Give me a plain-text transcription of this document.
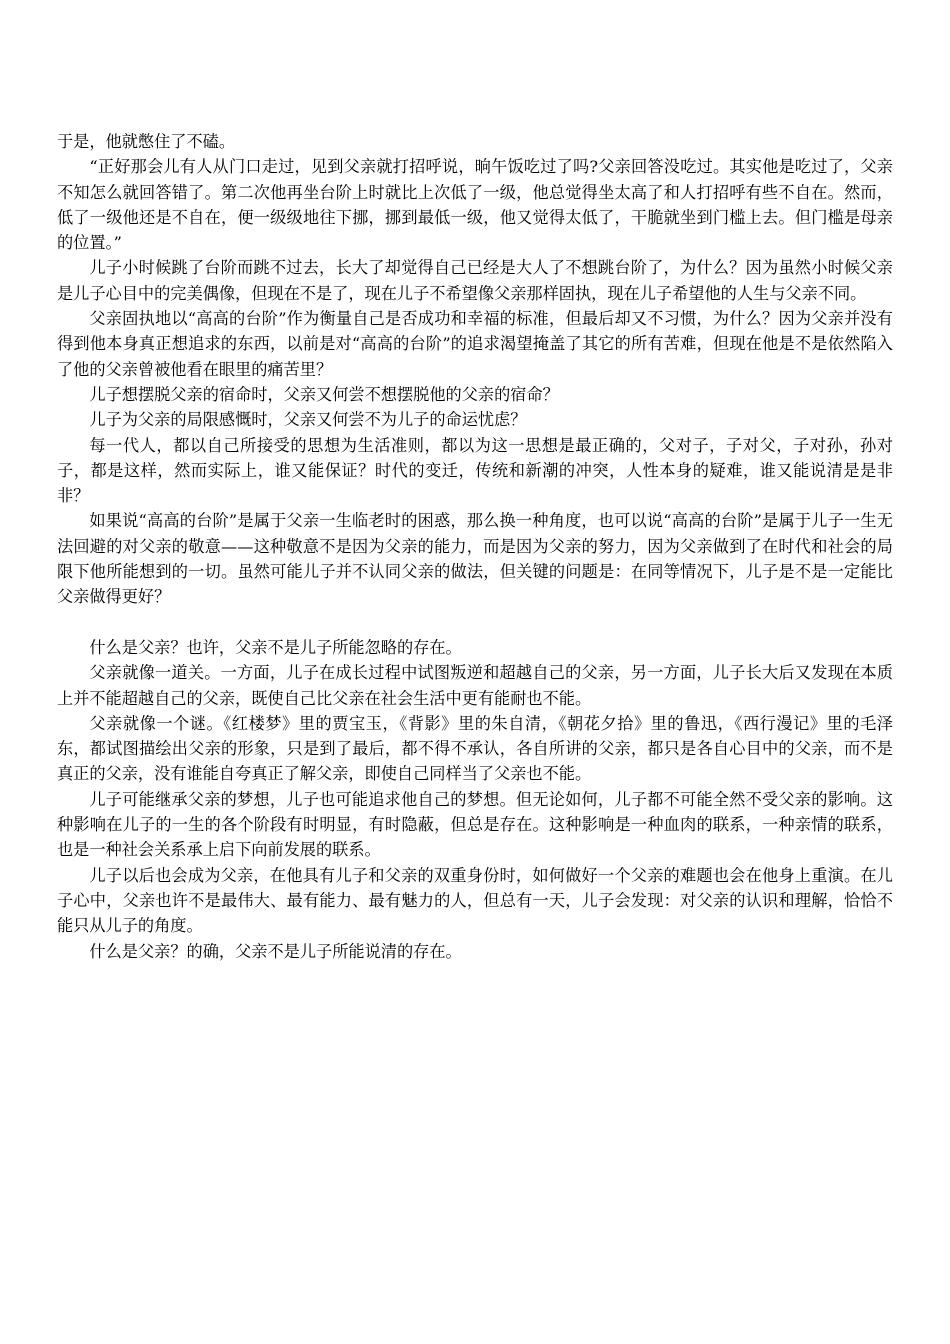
于是，他就憋住了不磕。

“正好那会儿有人从门口走过，见到父亲就打招呼说，晌午饭吃过了吗?父亲回答没吃过。其实他是吃过了，父亲不知怎么就回答错了。第二次他再坐台阶上时就比上次低了一级，他总觉得坐太高了和人打招呼有些不自在。然而，低了一级他还是不自在，便一级级地往下挪，挪到最低一级，他又觉得太低了，干脆就坐到门槛上去。但门槛是母亲的位置。”

儿子小时候跳了台阶而跳不过去，长大了却觉得自己已经是大人了不想跳台阶了，为什么？因为虽然小时候父亲是儿子心目中的完美偶像，但现在不是了，现在儿子不希望像父亲那样固执，现在儿子希望他的人生与父亲不同。

父亲固执地以“高高的台阶”作为衡量自己是否成功和幸福的标准，但最后却又不习惯，为什么？因为父亲并没有得到他本身真正想追求的东西，以前是对“高高的台阶”的追求渴望掩盖了其它的所有苦难，但现在他是不是依然陷入了他的父亲曾被他看在眼里的痛苦里？

儿子想摆脱父亲的宿命时，父亲又何尝不想摆脱他的父亲的宿命？

儿子为父亲的局限感慨时，父亲又何尝不为儿子的命运忧虑？

每一代人，都以自己所接受的思想为生活准则，都以为这一思想是最正确的，父对子，子对父，子对孙，孙对子，都是这样，然而实际上，谁又能保证？时代的变迁，传统和新潮的冲突，人性本身的疑难，谁又能说清是是非非？

如果说“高高的台阶”是属于父亲一生临老时的困惑，那么换一种角度，也可以说“高高的台阶”是属于儿子一生无法回避的对父亲的敬意——这种敬意不是因为父亲的能力，而是因为父亲的努力，因为父亲做到了在时代和社会的局限下他所能想到的一切。虽然可能儿子并不认同父亲的做法，但关键的问题是：在同等情况下，儿子是不是一定能比父亲做得更好？

什么是父亲？也许，父亲不是儿子所能忽略的存在。

父亲就像一道关。一方面，儿子在成长过程中试图叛逆和超越自己的父亲，另一方面，儿子长大后又发现在本质上并不能超越自己的父亲，既使自己比父亲在社会生活中更有能耐也不能。

父亲就像一个谜。《红楼梦》里的贾宝玉，《背影》里的朱自清，《朝花夕拾》里的鲁迅，《西行漫记》里的毛泽东，都试图描绘出父亲的形象，只是到了最后，都不得不承认，各自所讲的父亲，都只是各自心目中的父亲，而不是真正的父亲，没有谁能自夸真正了解父亲，即使自己同样当了父亲也不能。

儿子可能继承父亲的梦想，儿子也可能追求他自己的梦想。但无论如何，儿子都不可能全然不受父亲的影响。这种影响在儿子的一生的各个阶段有时明显，有时隐蔽，但总是存在。这种影响是一种血肉的联系，一种亲情的联系，也是一种社会关系承上启下向前发展的联系。

儿子以后也会成为父亲，在他具有儿子和父亲的双重身份时，如何做好一个父亲的难题也会在他身上重演。在儿子心中，父亲也许不是最伟大、最有能力、最有魅力的人，但总有一天，儿子会发现：对父亲的认识和理解，恰恰不能只从儿子的角度。

什么是父亲？的确，父亲不是儿子所能说清的存在。
